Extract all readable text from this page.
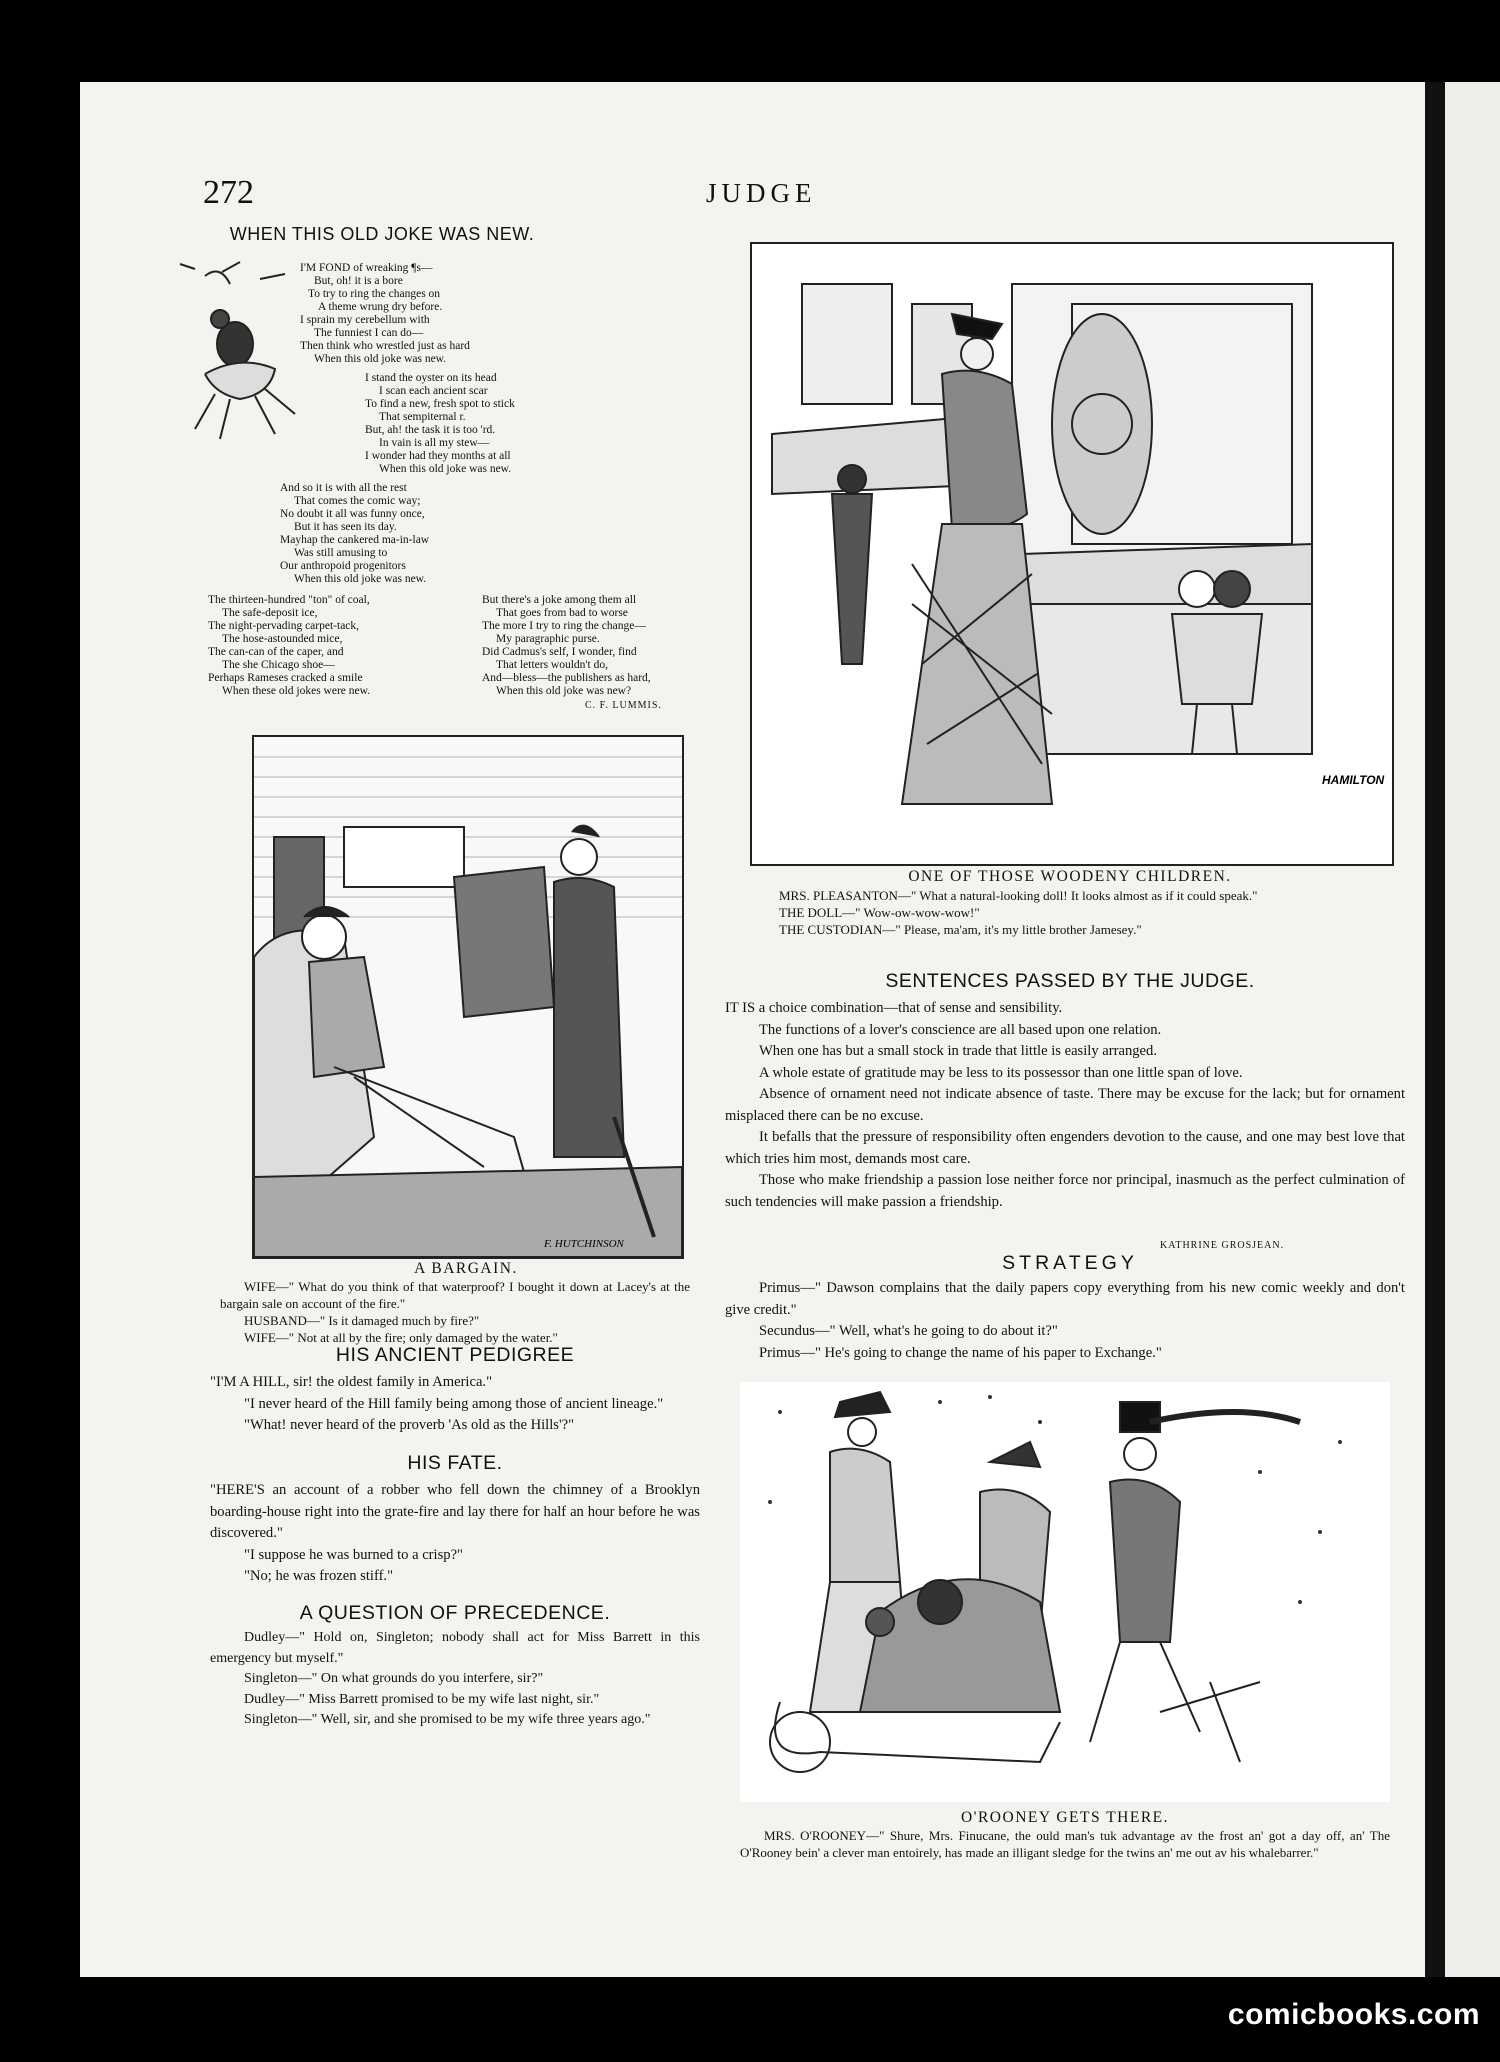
272	JUDGE
WHEN THIS OLD JOKE WAS NEW.
I'M FOND of wreaking ¶s—
But, oh! it is a bore
To try to ring the changes on
A theme wrung dry before.
I sprain my cerebellum with
The funniest I can do—
Then think who wrestled just as hard
When this old joke was new.
I stand the oyster on its head
I scan each ancient scar
To find a new, fresh spot to stick
That sempiternal r.
But, ah! the task it is too 'rd.
In vain is all my stew—
I wonder had they months at all
When this old joke was new.
And so it is with all the rest
That comes the comic way;
No doubt it all was funny once,
But it has seen its day.
Mayhap the cankered ma-in-law
Was still amusing to
Our anthropoid progenitors
When this old joke was new.
The thirteen-hundred "ton" of coal,
The safe-deposit ice,
The night-pervading carpet-tack,
The hose-astounded mice,
The can-can of the caper, and
The she Chicago shoe—
Perhaps Rameses cracked a smile
When these old jokes were new.
But there's a joke among them all
That goes from bad to worse
The more I try to ring the change—
My paragraphic purse.
Did Cadmus's self, I wonder, find
That letters wouldn't do,
And—bless—the publishers as hard,
When this old joke was new?
C. F. LUMMIS.
HAMILTON
ONE OF THOSE WOODENY CHILDREN.

MRS. PLEASANTON—" What a natural-looking doll! It looks almost as if it could speak."

THE DOLL—" Wow-ow-wow-wow!"

THE CUSTODIAN—" Please, ma'am, it's my little brother Jamesey."

SENTENCES PASSED BY THE JUDGE.

IT IS a choice combination—that of sense and sensibility.

The functions of a lover's conscience are all based upon one relation.

When one has but a small stock in trade that little is easily arranged.

A whole estate of gratitude may be less to its possessor than one little span of love.

Absence of ornament need not indicate absence of taste. There may be excuse for the lack; but for ornament misplaced there can be no excuse.

It befalls that the pressure of responsibility often engenders devotion to the cause, and one may best love that which tries him most, demands most care.

Those who make friendship a passion lose neither force nor principal, inasmuch as the perfect culmination of such tendencies will make passion a friendship.

KATHRINE GROSJEAN.
STRATEGY

Primus—" Dawson complains that the daily papers copy everything from his new comic weekly and don't give credit."

Secundus—" Well, what's he going to do about it?"

Primus—" He's going to change the name of his paper to Exchange."

O'ROONEY GETS THERE.

MRS. O'ROONEY—" Shure, Mrs. Finucane, the ould man's tuk advantage av the frost an' got a day off, an' The O'Rooney bein' a clever man entoirely, has made an illigant sledge for the twins an' me out av his whalebarrer."

F. HUTCHINSON
A BARGAIN.

WIFE—" What do you think of that waterproof? I bought it down at Lacey's at the bargain sale on account of the fire."

HUSBAND—" Is it damaged much by fire?"

WIFE—" Not at all by the fire; only damaged by the water."

HIS ANCIENT PEDIGREE

"I'M A HILL, sir! the oldest family in America."

"I never heard of the Hill family being among those of ancient lineage."

"What! never heard of the proverb 'As old as the Hills'?"

HIS FATE.

"HERE'S an account of a robber who fell down the chimney of a Brooklyn boarding-house right into the grate-fire and lay there for half an hour before he was discovered."

"I suppose he was burned to a crisp?"

"No; he was frozen stiff."

A QUESTION OF PRECEDENCE.

Dudley—" Hold on, Singleton; nobody shall act for Miss Barrett in this emergency but myself."

Singleton—" On what grounds do you interfere, sir?"

Dudley—" Miss Barrett promised to be my wife last night, sir."

Singleton—" Well, sir, and she promised to be my wife three years ago."

comicbooks.com
